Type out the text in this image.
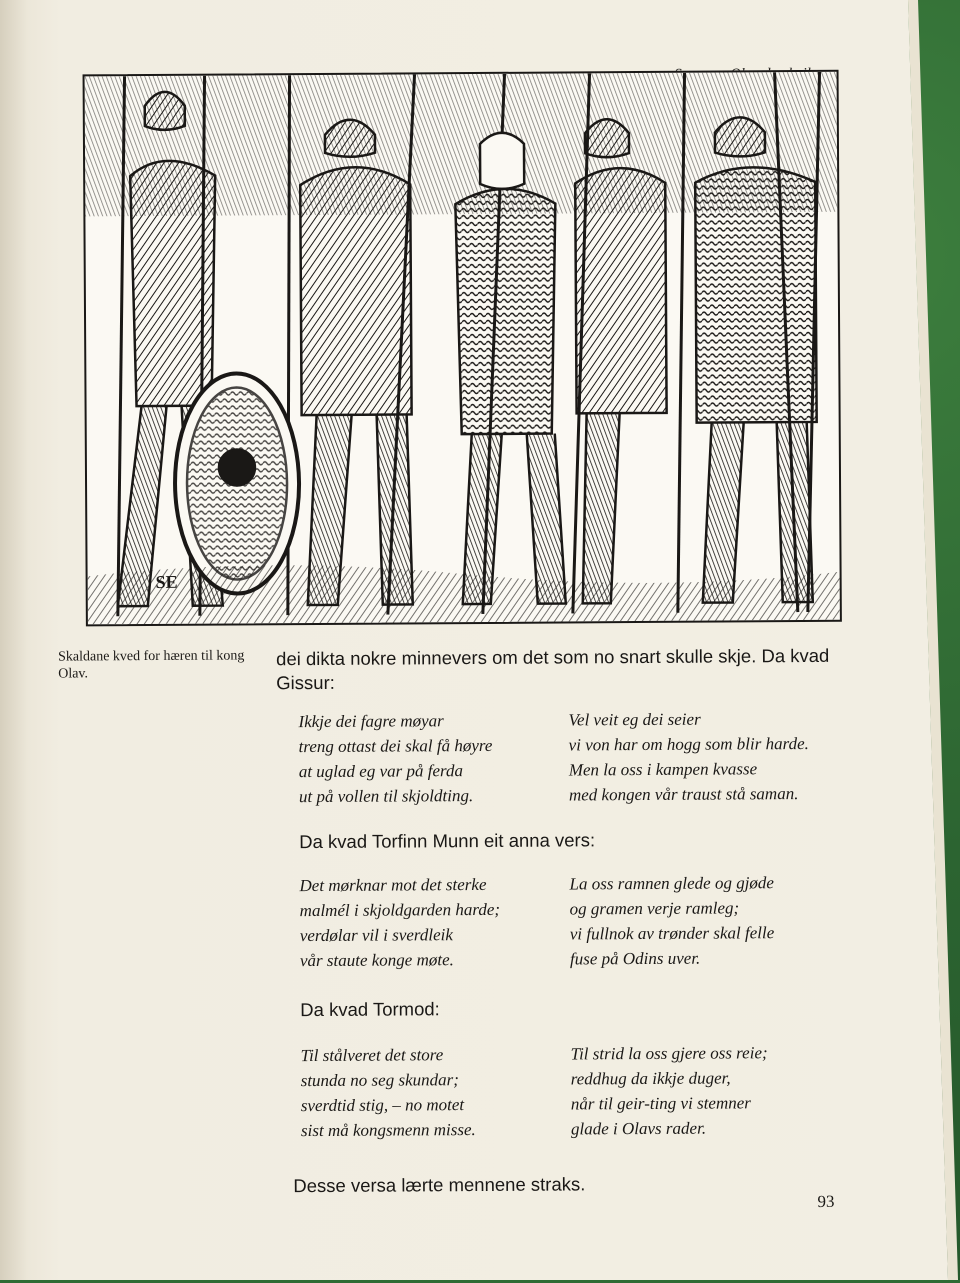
SE
Skaldane kved for hæren til kong Olav.
dei dikta nokre minnevers om det som no snart skulle skje. Da kvad Gissur:
Ikkje dei fagre møyar
treng ottast dei skal få høyre
at uglad eg var på ferda
ut på vollen til skjoldting.
Vel veit eg dei seier
vi von har om hogg som blir harde.
Men la oss i kampen kvasse
med kongen vår traust stå saman.
Da kvad Torfinn Munn eit anna vers:
Det mørknar mot det sterke
malmél i skjoldgarden harde;
verdølar vil i sverdleik
vår staute konge møte.
La oss ramnen glede og gjøde
og gramen verje ramleg;
vi fullnok av trønder skal felle
fuse på Odins uver.
Da kvad Tormod:
Til stålveret det store
stunda no seg skundar;
sverdtid stig, – no motet
sist må kongsmenn misse.
Til strid la oss gjere oss reie;
reddhug da ikkje duger,
når til geir-ting vi stemner
glade i Olavs rader.
Desse versa lærte mennene straks.
93
